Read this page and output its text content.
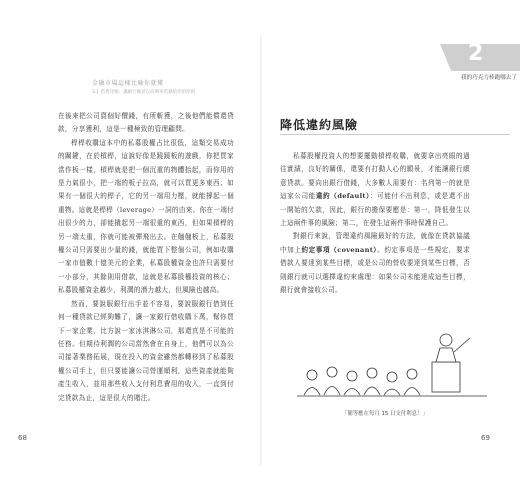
金融市場這樣比喻你就懂
3.1 借貸比喻：讓銀行願意以高利率借錢給你的原則

在後來把公司賣個好價錢，有所斬獲，之後他們能償還貸款，分享獲利，這是一種極致的管理顧問。

桿桿收購這本中的私募股權占比很低，這類交易成功的關鍵，在於槓桿，這說好像是蹺蹺板的遊戲，你把買家當作板一樣，槓桿就是把一個沉重的物體抬起，而你用的是力氣很小，把一端的板子拉高，就可以買更多東西；如果有一個很大的桿子，它的另一端用力壓，就能撐起一個重物。這就是桿桿（leverage）一詞的由來。你在一端付出很少的力，卻能撬起另一端很重的東西，但如果槓桿的另一端太重，你就可能被彈飛出去。在翹翹板上，私募股權公司只需要出少量的錢，就能買下整個公司，例如收購一家市值數十億美元的企業，私募股權資金也許只需要付一小部分，其餘則用借款，這就是私募股權投資的核心；私募股權資金越少，利潤的潛力越大，但風險也越高。

然而，要說服銀行出手並不容易，要說服銀行借到任何一種貸款已經夠難了，讓一家銀行借收購下萬，幫你買下一家企業，比方說一家冰淇淋公司，那還真是不可能的任務。但期待利潤的公司當然會在自身上，他們可以為公司接著業務拓展，現在投入的資金雖然都轉移到了私募股權公司手上，但只要能讓公司營運順利，這些資產就能夠產生收入，並用那些收入支付利息費用的收入，一直到付完貸款為止，這是很大的賭注。

68
2
我的巧克力棒跑哪去了
降低違約風險

私募股權投資人的想要擺動槓桿收購，就要拿出亮眼的過往實績，良好的關係，還要有打動人心的願景，才能讓銀行願意貸款。要向出銀行借錢，大多數人需要有：名列第一的就是這家公司能違約（default）：可能付不出利息，或是還不出一開始的欠款，因此，銀行的擔保要應是：第一，降低發生以上這兩件事的風險；第二，在發生這兩件事時保護自己。

對銀行來說，管理違約風險最好的方法，就像在貸款協議中加上約定事項（covenant）。約定事項是一些規定，要求借款人要達到某些目標，或是公司的營收要達到某些目標，否則銀行就可以選擇違約來處理：如果公司未能達成這些目標，銀行就會接收公司。

「簡等應在每月 15 日支付利息！」
69
